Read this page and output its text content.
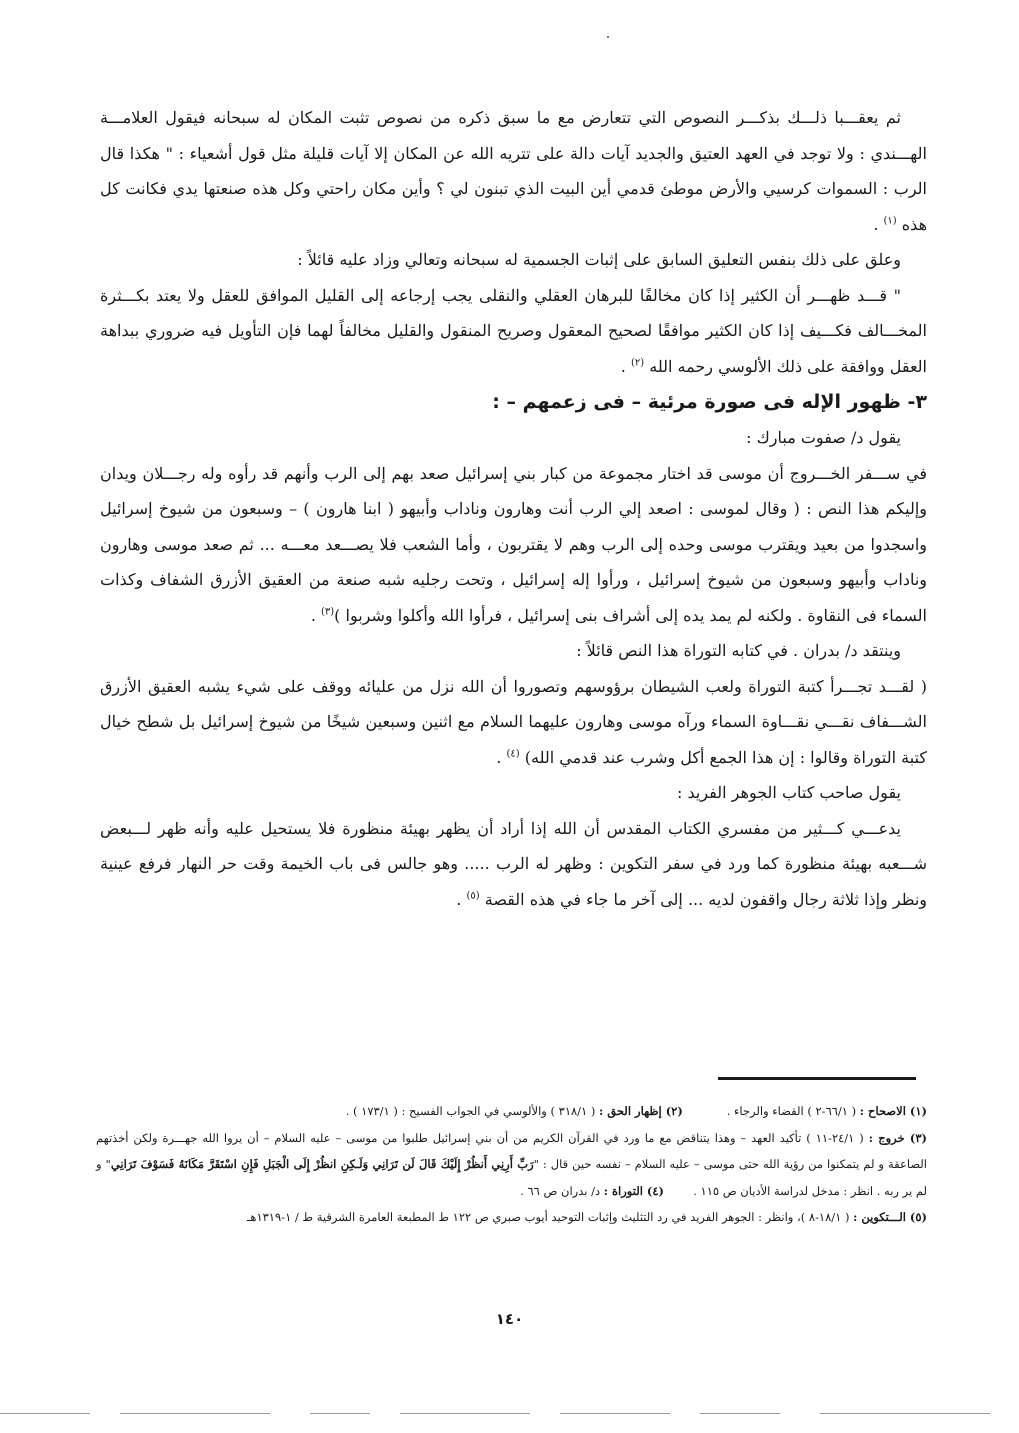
ثم يعقـــبا ذلـــك بذكـــر النصوص التي تتعارض مع ما سبق ذكره من نصوص تثبت المكان له سبحانه فيقول العلامـــة الهـــندي : ولا توجد في العهد العتيق والجديد آيات دالة على تتريه الله عن المكان إلا آيات قليلة مثل قول أشعياء : " هكذا قال الرب : السموات كرسيي والأرض موطئ قدمي أين البيت الذي تبنون لي ؟ وأين مكان راحتي وكل هذه صنعتها يدي فكانت كل هذه $^{(١)}$ .

وعلق على ذلك بنفس التعليق السابق على إثبات الجسمية له سبحانه وتعالي وزاد عليه قائلاً :

" قـــد ظهـــر أن الكثير إذا كان مخالفًا للبرهان العقلي والنقلى يجب إرجاعه إلى القليل الموافق للعقل ولا يعتد بكـــثرة المخـــالف فكـــيف إذا كان الكثير موافقًا لصحيح المعقول وصريح المنقول والقليل مخالفاً لهما فإن التأويل فيه ضروري ببداهة العقل ووافقة على ذلك الألوسي رحمه الله $^{(٢)}$ .

٣- ظهور الإله فى صورة مرئية – فى زعمهم – :

يقول د/ صفوت مبارك :

في ســـفر الخـــروج أن موسى قد اختار مجموعة من كبار بني إسرائيل صعد بهم إلى الرب وأنهم قد رأوه وله رجـــلان ويدان وإليكم هذا النص : ( وقال لموسى : اصعد إلي الرب أنت وهارون وناداب وأبيهو ( ابنا هارون ) – وسبعون من شيوخ إسرائيل واسجدوا من بعيد ويقترب موسى وحده إلى الرب وهم لا يقتربون ، وأما الشعب فلا يصـــعد معـــه ... ثم صعد موسى وهارون وناداب وأبيهو وسبعون من شيوخ إسرائيل ، ورأوا إله إسرائيل ، وتحت رجليه شبه صنعة من العقيق الأزرق الشفاف وكذات السماء فى النقاوة . ولكنه لم يمد يده إلى أشراف بنى إسرائيل ، فرأوا الله وأكلوا وشربوا )$^{(٣)}$ .

وينتقد د/ بدران . في كتابه التوراة هذا النص قائلاً :

( لقـــد تجـــرأ كتبة التوراة ولعب الشيطان برؤوسهم وتصوروا أن الله نزل من عليائه ووقف على شيء يشبه العقيق الأزرق الشـــفاف نقـــي نقـــاوة السماء ورآه موسى وهارون عليهما السلام مع اثنين وسبعين شيخًا من شيوخ إسرائيل بل شطح خيال كتبة التوراة وقالوا : إن هذا الجمع أكل وشرب عند قدمي الله) $^{(٤)}$ .

يقول صاحب كتاب الجوهر الفريد :

يدعـــي كـــثير من مفسري الكتاب المقدس أن الله إذا أراد أن يظهر بهيئة منظورة فلا يستحيل عليه وأنه ظهر لـــبعض شـــعبه بهيئة منظورة كما ورد في سفر التكوين : وظهر له الرب ..... وهو جالس فى باب الخيمة وقت حر النهار فرفع عينية ونظر وإذا ثلاثة رجال واقفون لديه ... إلى آخر ما جاء في هذه القصة $^{(٥)}$ .

(١) الاصحاح : ( ٦٦/١-٢ ) القضاء والرجاء .            (٢) إظهار الحق : ( ٣١٨/١ ) والألوسي في الجواب الفسيح : ( ١٧٣/١ ) .

(٣) خروج : ( ٢٤/١-١١ ) تأكيد العهد – وهذا يتناقض مع ما ورد في القرآن الكريم من أن بني إسرائيل طلبوا من موسى – عليه السلام – أن يروا الله جهـــرة ولكن أخذتهم الصاعقة و لم يتمكنوا من رؤية الله حتى موسى – عليه السلام – نفسه حين قال : "رَبِّ أَرِنِي أَنظُرْ إِلَيْكَ قَالَ لَن تَرَانِي وَلَـكِنِ انظُرْ إِلَى الْجَبَلِ فَإِنِ اسْتَقَرَّ مَكَانَهُ فَسَوْفَ تَرَانِي" و لم ير ربه . انظر : مدخل لدراسة الأديان ص ١١٥ .        (٤) التوراة : د/ بدران ص ٦٦ .

(٥) الـــتكوين : ( ١٨/١-٨ )، وانظر : الجوهر الفريد في رد التثليث وإثبات التوحيد أيوب صبري ص ١٢٢ ط المطبعة العامرة الشرقية ط / ١-١٣١٩هـ

١٤٠
